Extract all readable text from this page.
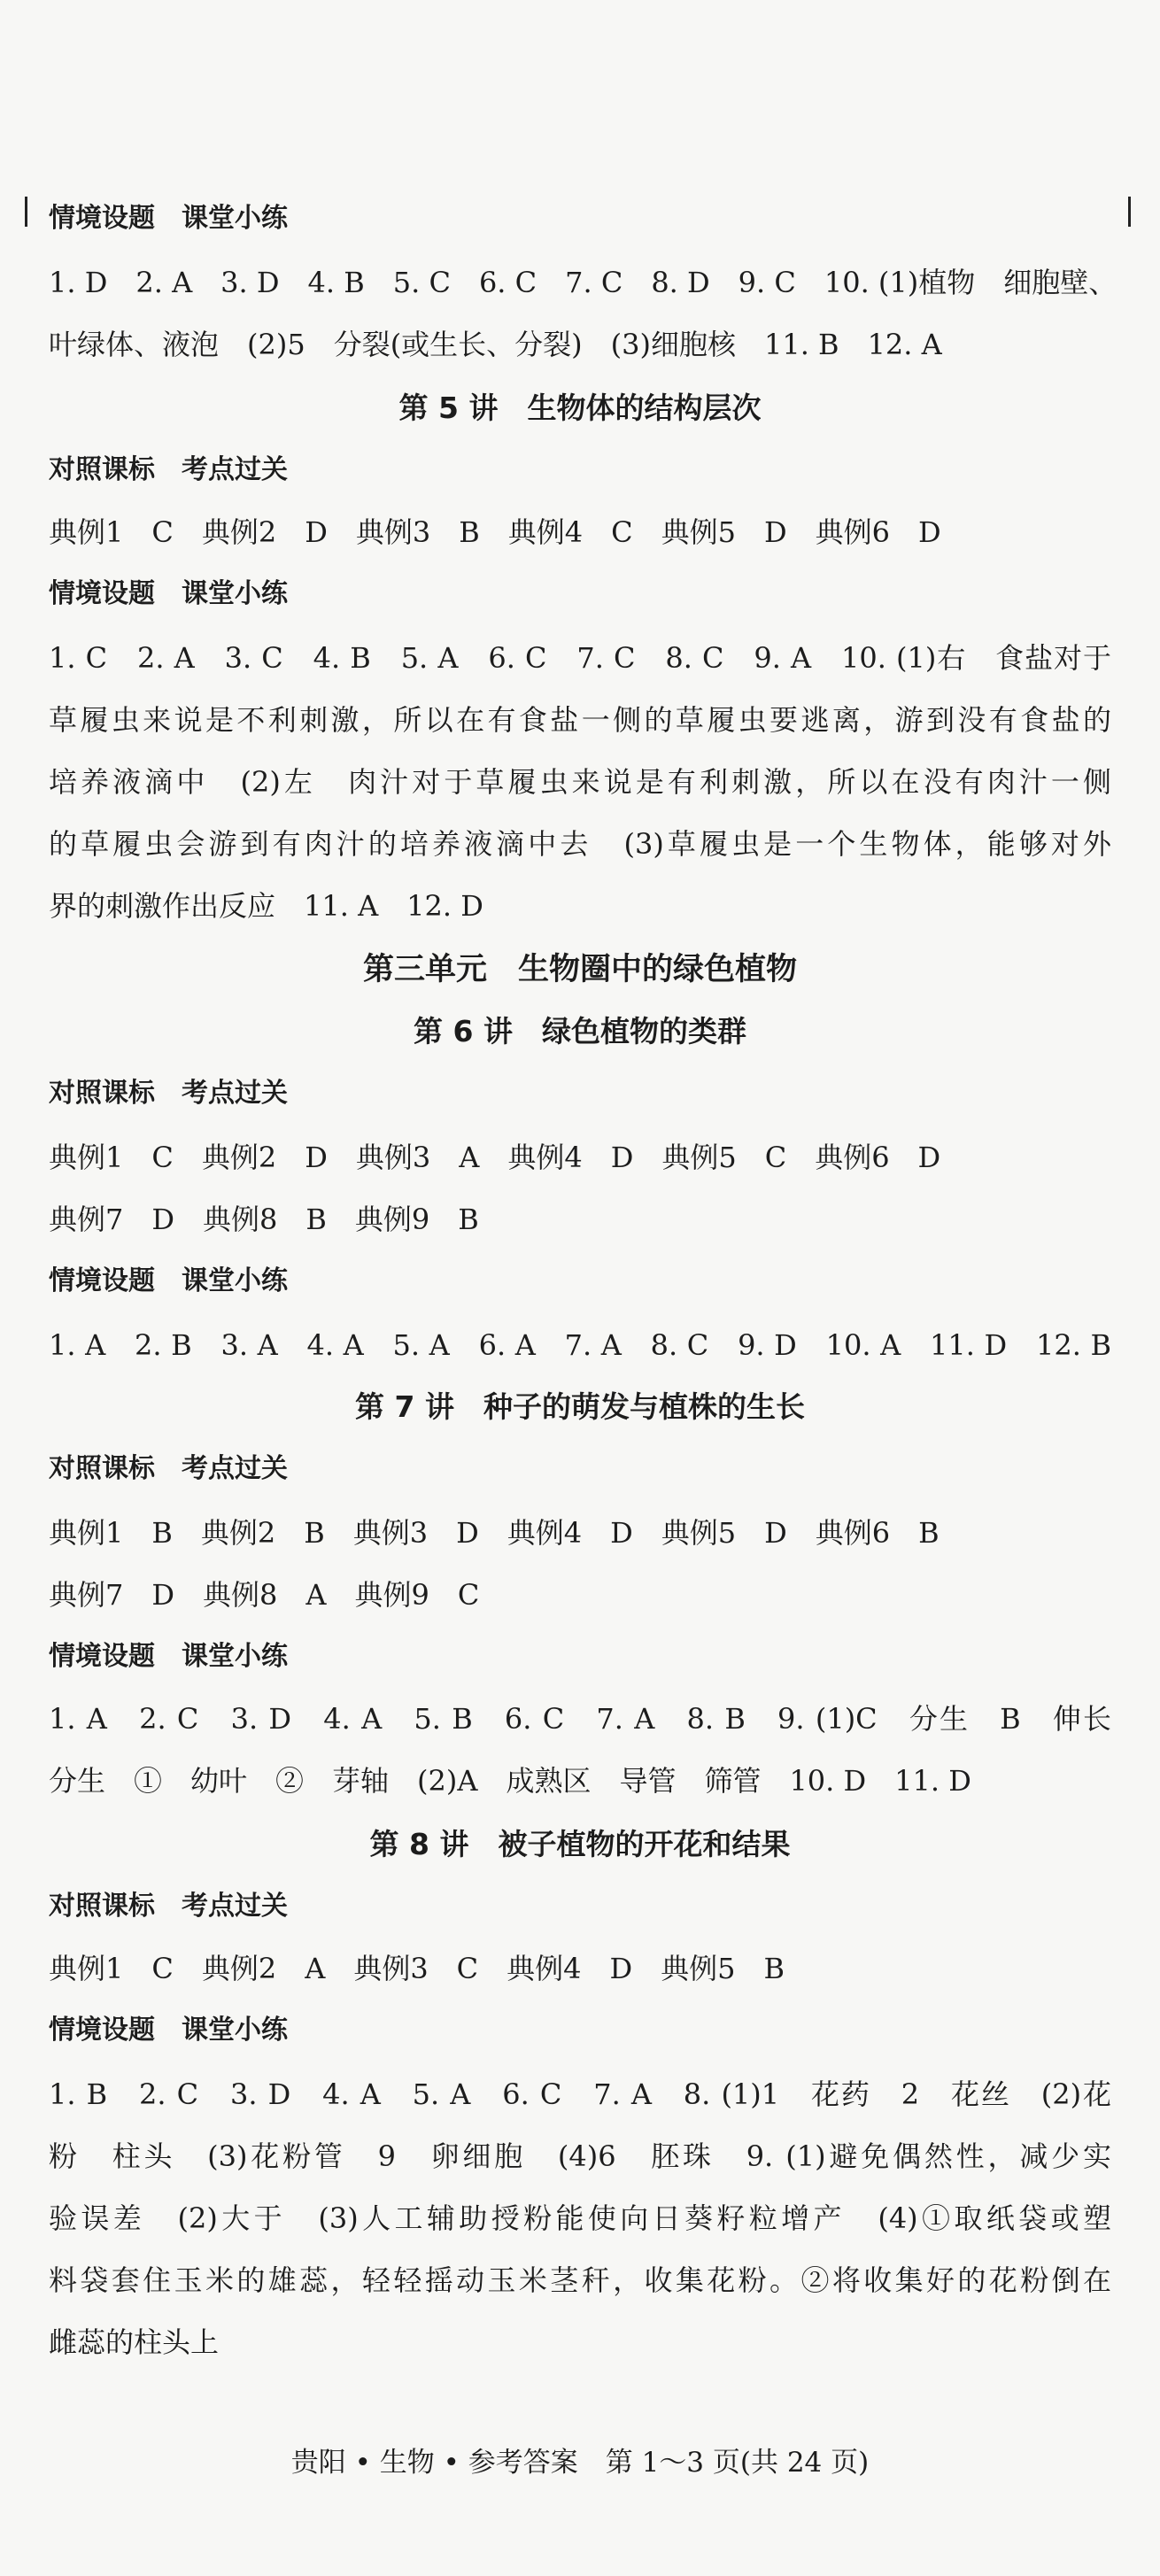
情境设题　课堂小练
1. D　2. A　3. D　4. B　5. C　6. C　7. C　8. D　9. C　10. (1)植物　细胞壁、
叶绿体、液泡　(2)5　分裂(或生长、分裂)　(3)细胞核　11. B　12. A
第 5 讲　生物体的结构层次
对照课标　考点过关
典例1　C　典例2　D　典例3　B　典例4　C　典例5　D　典例6　D
情境设题　课堂小练
1. C　2. A　3. C　4. B　5. A　6. C　7. C　8. C　9. A　10. (1)右　食盐对于
草履虫来说是不利刺激，所以在有食盐一侧的草履虫要逃离，游到没有食盐的
培养液滴中　(2)左　肉汁对于草履虫来说是有利刺激，所以在没有肉汁一侧
的草履虫会游到有肉汁的培养液滴中去　(3)草履虫是一个生物体，能够对外
界的刺激作出反应　11. A　12. D
第三单元　生物圈中的绿色植物
第 6 讲　绿色植物的类群
对照课标　考点过关
典例1　C　典例2　D　典例3　A　典例4　D　典例5　C　典例6　D
典例7　D　典例8　B　典例9　B
情境设题　课堂小练
1. A　2. B　3. A　4. A　5. A　6. A　7. A　8. C　9. D　10. A　11. D　12. B
第 7 讲　种子的萌发与植株的生长
对照课标　考点过关
典例1　B　典例2　B　典例3　D　典例4　D　典例5　D　典例6　B
典例7　D　典例8　A　典例9　C
情境设题　课堂小练
1. A　2. C　3. D　4. A　5. B　6. C　7. A　8. B　9. (1)C　分生　B　伸长
分生　①　幼叶　②　芽轴　(2)A　成熟区　导管　筛管　10. D　11. D
第 8 讲　被子植物的开花和结果
对照课标　考点过关
典例1　C　典例2　A　典例3　C　典例4　D　典例5　B
情境设题　课堂小练
1. B　2. C　3. D　4. A　5. A　6. C　7. A　8. (1)1　花药　2　花丝　(2)花
粉　柱头　(3)花粉管　9　卵细胞　(4)6　胚珠　9. (1)避免偶然性，减少实
验误差　(2)大于　(3)人工辅助授粉能使向日葵籽粒增产　(4)①取纸袋或塑
料袋套住玉米的雄蕊，轻轻摇动玉米茎秆，收集花粉。②将收集好的花粉倒在
雌蕊的柱头上
贵阳 • 生物 • 参考答案　第 1～3 页(共 24 页)
